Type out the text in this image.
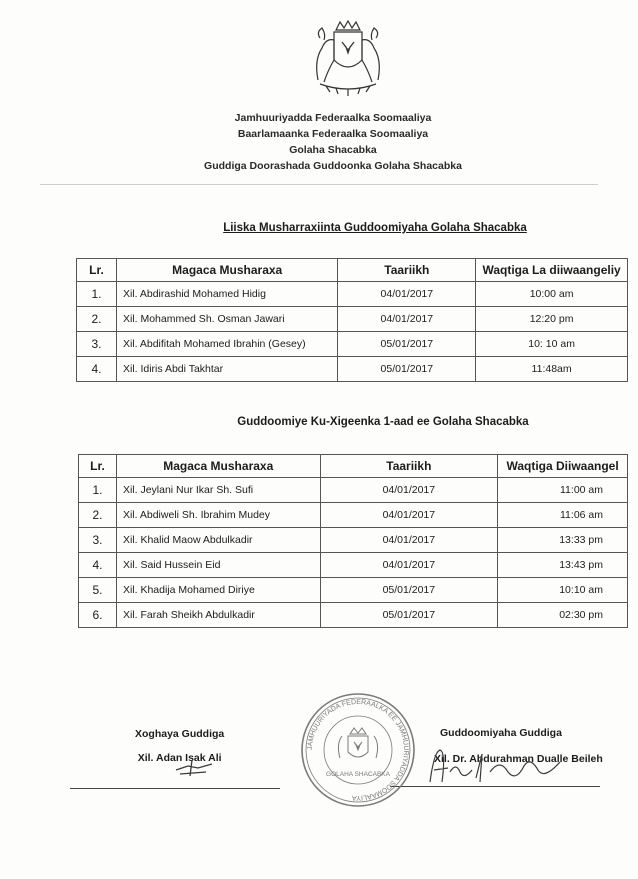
Jamhuuriyadda Federaalka Soomaaliya
Baarlamaanka Federaalka Soomaaliya
Golaha Shacabka
Guddiga Doorashada Guddoonka Golaha Shacabka
Liiska Musharraxiinta Guddoomiyaha Golaha Shacabka
Lr.	Magaca Musharaxa	Taariikh	Waqtiga La diiwaangeliy
1.	Xil. Abdirashid Mohamed Hidig	04/01/2017	10:00 am
2.	Xil. Mohammed Sh. Osman Jawari	04/01/2017	12:20 pm
3.	Xil. Abdifitah Mohamed Ibrahin (Gesey)	05/01/2017	10: 10 am
4.	Xil. Idiris Abdi Takhtar	05/01/2017	11:48am
Guddoomiye Ku-Xigeenka 1-aad ee Golaha Shacabka
Lr.	Magaca Musharaxa	Taariikh	Waqtiga Diiwaangel
1.	Xil. Jeylani Nur Ikar Sh. Sufi	04/01/2017	11:00 am
2.	Xil. Abdiweli Sh. Ibrahim Mudey	04/01/2017	11:06 am
3.	Xil. Khalid Maow Abdulkadir	04/01/2017	13:33 pm
4.	Xil. Said Hussein Eid	04/01/2017	13:43 pm
5.	Xil. Khadija Mohamed Diriye	05/01/2017	10:10 am
6.	Xil. Farah Sheikh Abdulkadir	05/01/2017	02:30 pm
Xoghaya Guddiga
Xil. Adan Isak Ali
Guddoomiyaha Guddiga
Xil. Dr. Abdurahman Dualle Beileh
JAMHUURIYADA FEDERAALKA EE JAMHUURIYADDA SOOMAALIYA
GOLAHA SHACABKA
